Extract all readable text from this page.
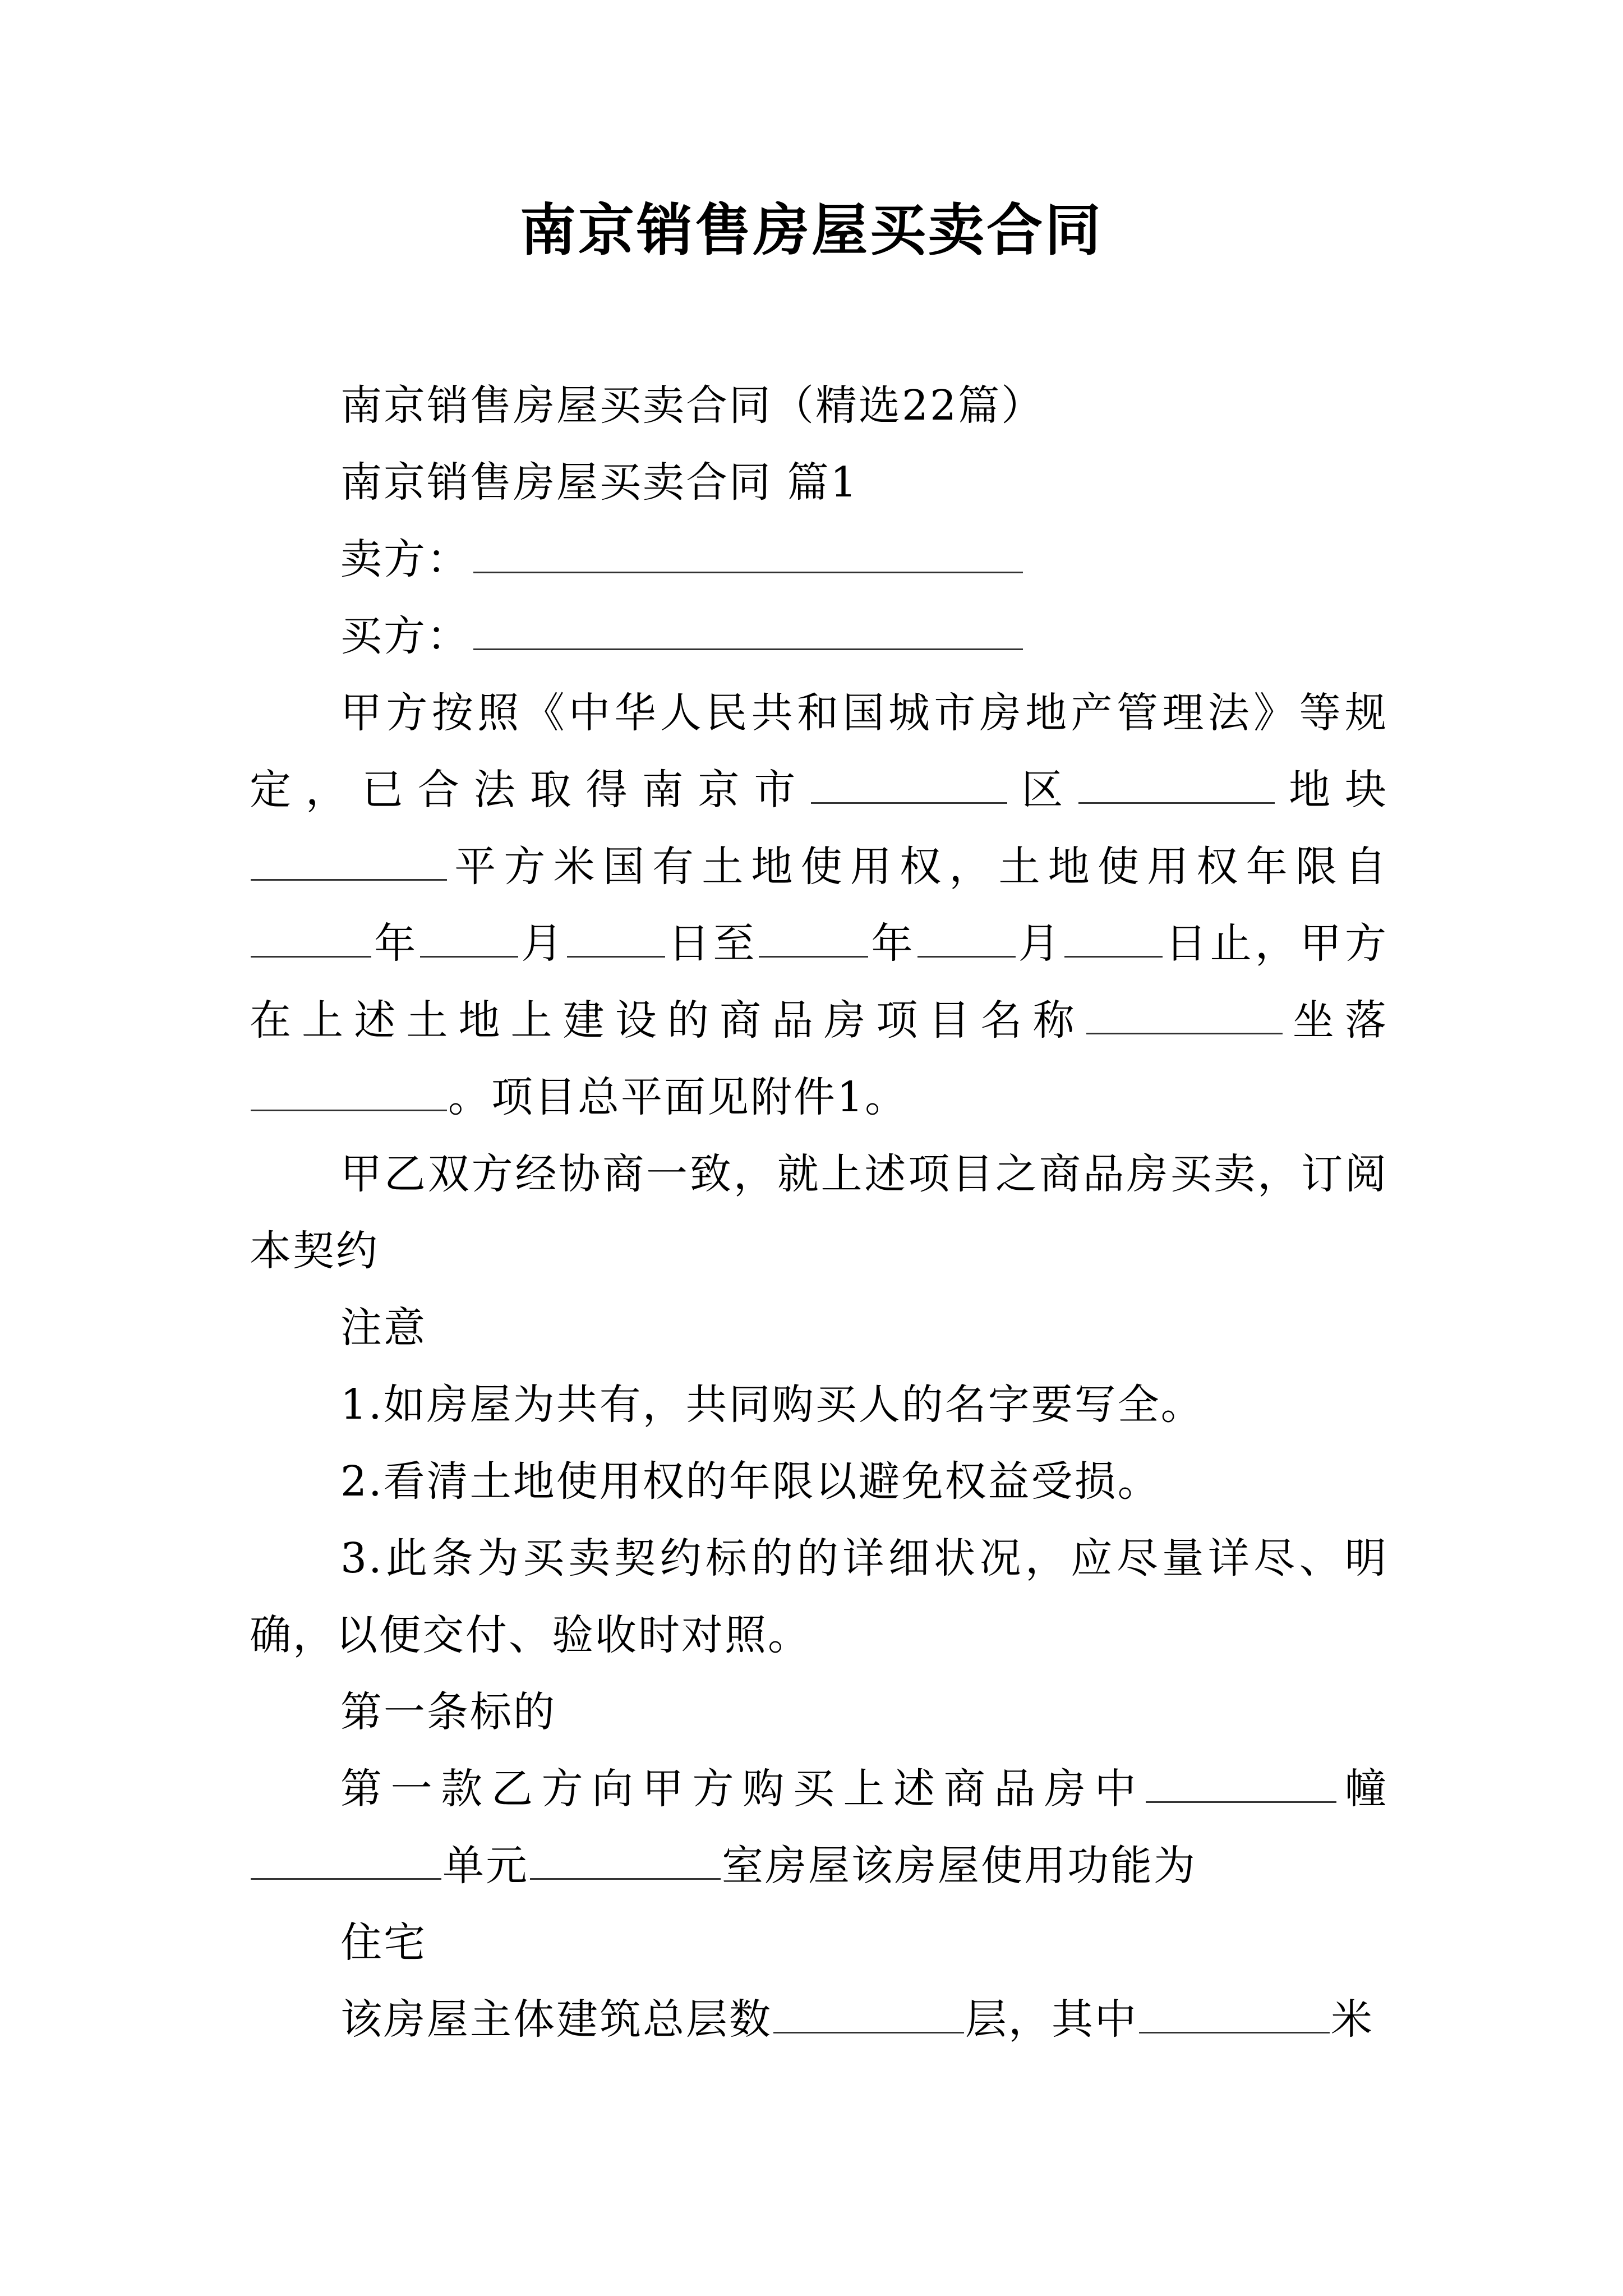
南京销售房屋买卖合同

南京销售房屋买卖合同（精选22篇）

南京销售房屋买卖合同 篇1

卖方：

买方：

甲方按照《中华人民共和国城市房地产管理法》等规定，已合法取得南京市	区	地块平方米国有土地使用权，土地使用权年限自年 月 日至	年 月 日止，甲方在上述土地上建设的商品房项目名称	坐落。项目总平面见附件1。

甲乙双方经协商一致，就上述项目之商品房买卖，订阅本契约

注意

1.如房屋为共有，共同购买人的名字要写全。

2.看清土地使用权的年限以避免权益受损。

3.此条为买卖契约标的的详细状况，应尽量详尽、明确，以便交付、验收时对照。

第一条标的

第一款乙方向甲方购买上述商品房中	幢单元	室房屋该房屋使用功能为

住宅

该房屋主体建筑总层数	层，其中	米
